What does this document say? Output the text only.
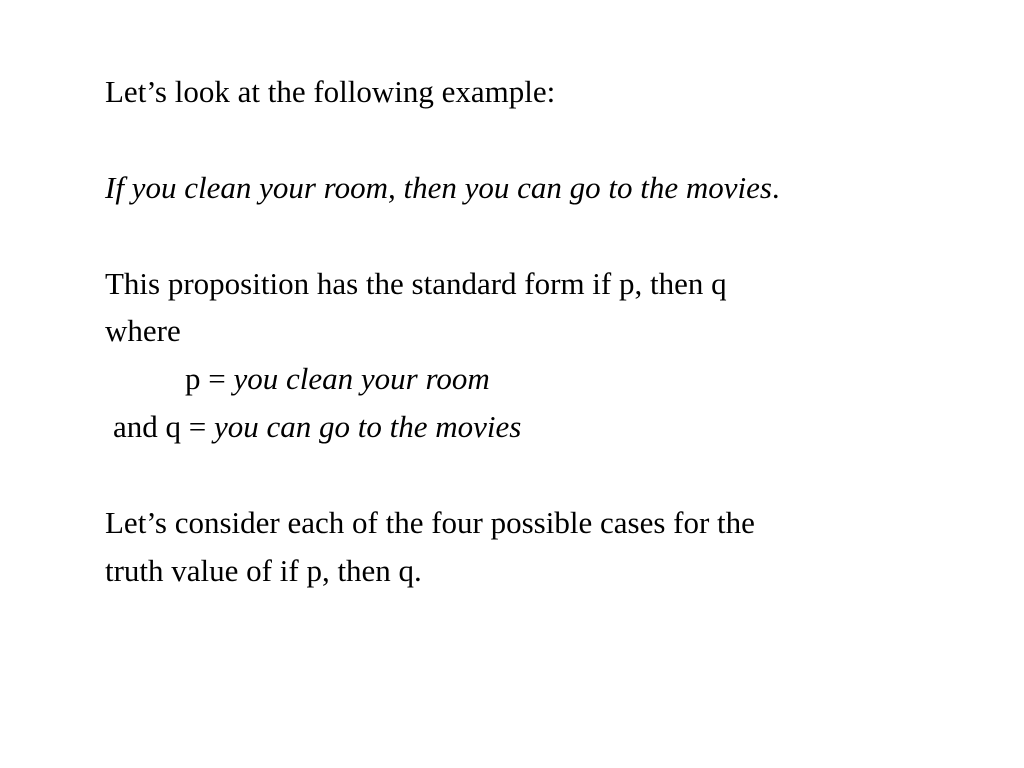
Let’s look at the following example:
If you clean your room, then you can go to the movies.
This proposition has the standard form if p, then q
where
p = you clean your room
and q = you can go to the movies
Let’s consider each of the four possible cases for the
truth value of if p, then q.
